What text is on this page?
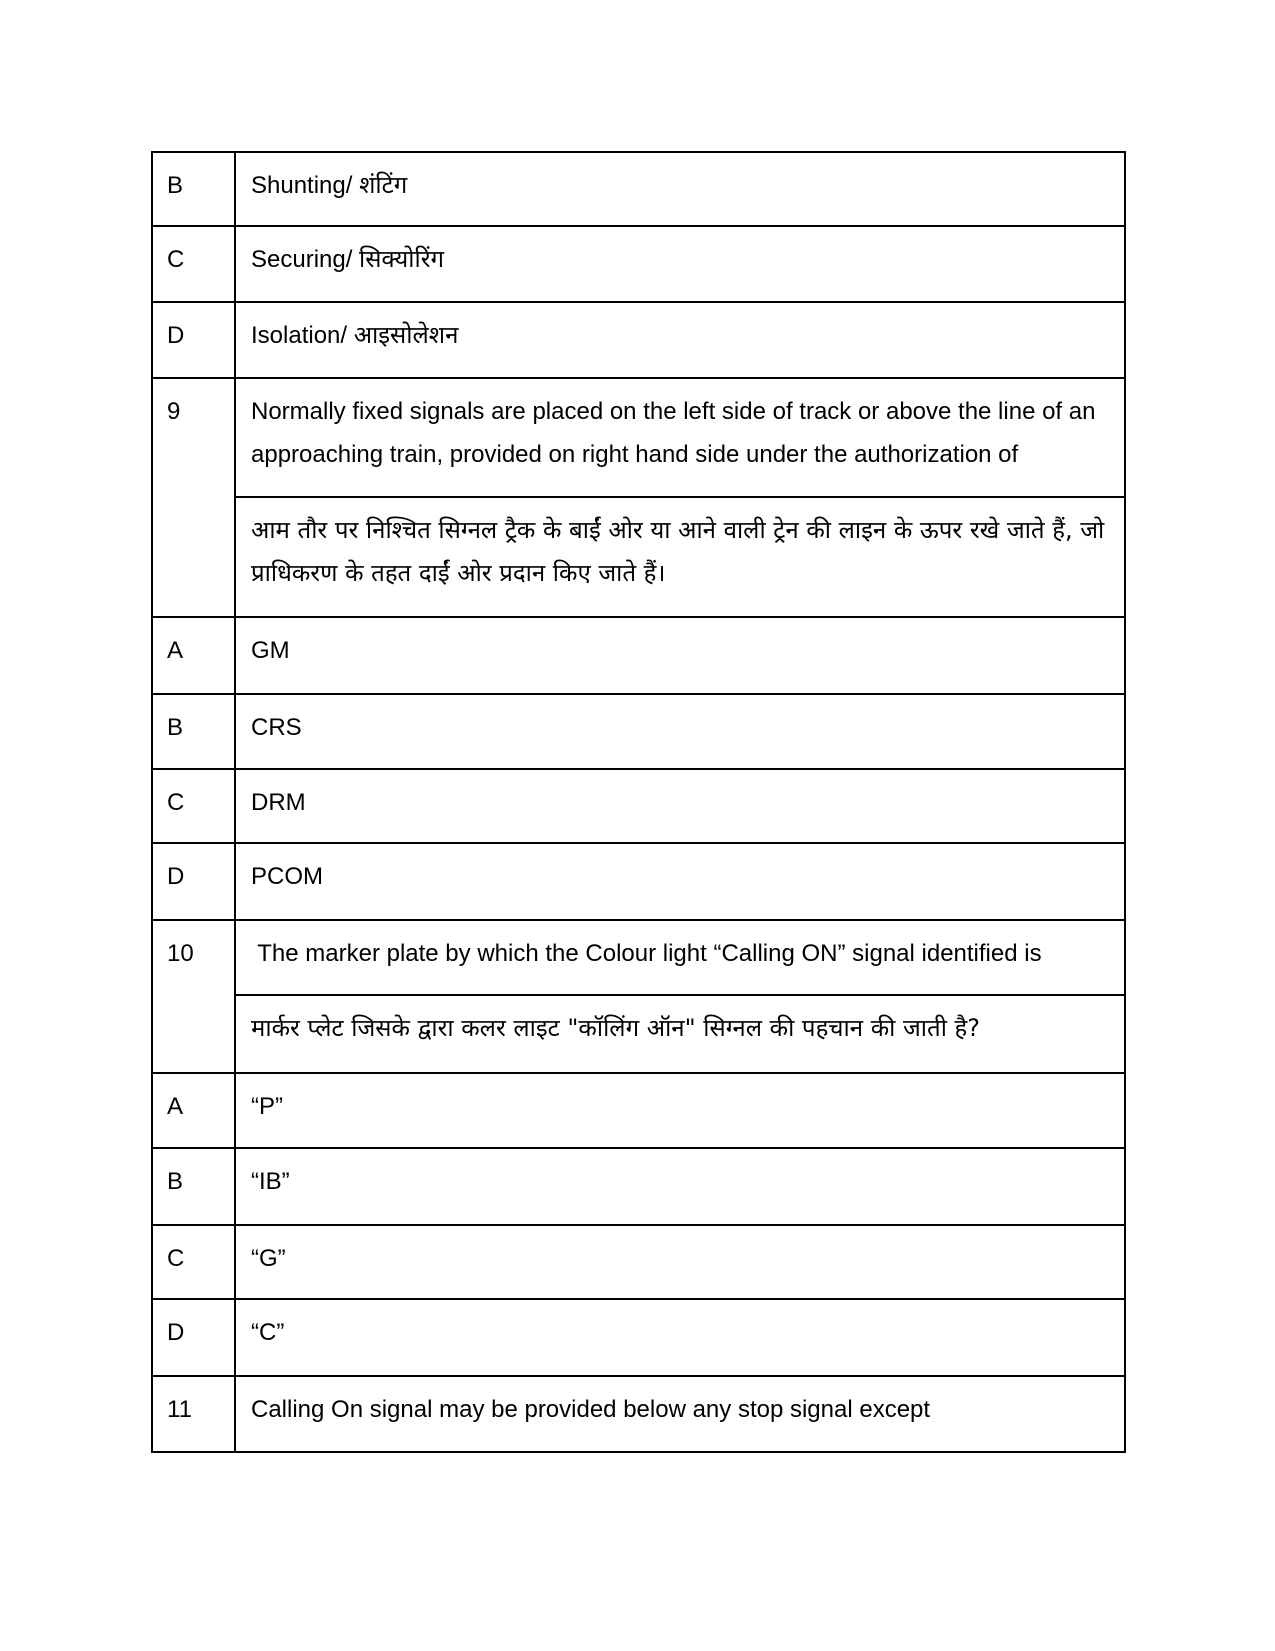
B	Shunting/ शंटिंग
C	Securing/ सिक्योरिंग
D	Isolation/ आइसोलेशन
9	Normally fixed signals are placed on the left side of track or above the line of an approaching train, provided on right hand side under the authorization of
	आम तौर पर निश्चित सिग्नल ट्रैक के बाईं ओर या आने वाली ट्रेन की लाइन के ऊपर रखे जाते हैं, जो प्राधिकरण के तहत दाईं ओर प्रदान किए जाते हैं।
A	GM
B	CRS
C	DRM
D	PCOM
10	The marker plate by which the Colour light “Calling ON” signal identified is
	मार्कर प्लेट जिसके द्वारा कलर लाइट "कॉलिंग ऑन" सिग्नल की पहचान की जाती है?
A	“P”
B	“IB”
C	“G”
D	“C”
11	Calling On signal may be provided below any stop signal except
